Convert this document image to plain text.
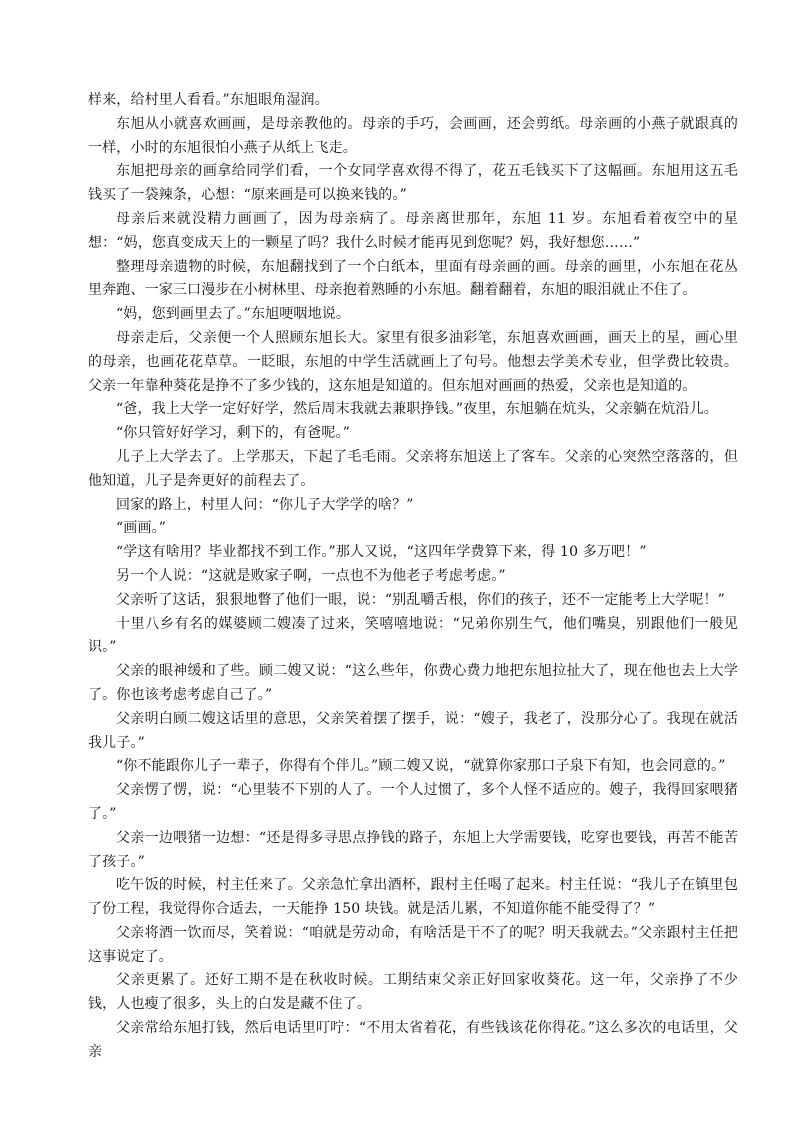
样来，给村里人看看。”东旭眼角湿润。

东旭从小就喜欢画画，是母亲教他的。母亲的手巧，会画画，还会剪纸。母亲画的小燕子就跟真的一样，小时的东旭很怕小燕子从纸上飞走。

东旭把母亲的画拿给同学们看，一个女同学喜欢得不得了，花五毛钱买下了这幅画。东旭用这五毛钱买了一袋辣条，心想：“原来画是可以换来钱的。”

母亲后来就没精力画画了，因为母亲病了。母亲离世那年，东旭 11 岁。东旭看着夜空中的星想：“妈，您真变成天上的一颗星了吗？我什么时候才能再见到您呢？妈，我好想您……”

整理母亲遗物的时候，东旭翻找到了一个白纸本，里面有母亲画的画。母亲的画里，小东旭在花丛里奔跑、一家三口漫步在小树林里、母亲抱着熟睡的小东旭。翻着翻着，东旭的眼泪就止不住了。

“妈，您到画里去了。”东旭哽咽地说。

母亲走后，父亲便一个人照顾东旭长大。家里有很多油彩笔，东旭喜欢画画，画天上的星，画心里的母亲，也画花花草草。一眨眼，东旭的中学生活就画上了句号。他想去学美术专业，但学费比较贵。父亲一年靠种葵花是挣不了多少钱的，这东旭是知道的。但东旭对画画的热爱，父亲也是知道的。

“爸，我上大学一定好好学，然后周末我就去兼职挣钱。”夜里，东旭躺在炕头，父亲躺在炕沿儿。

“你只管好好学习，剩下的，有爸呢。”

儿子上大学去了。上学那天，下起了毛毛雨。父亲将东旭送上了客车。父亲的心突然空落落的，但他知道，儿子是奔更好的前程去了。

回家的路上，村里人问：“你儿子大学学的啥？”

“画画。”

“学这有啥用？毕业都找不到工作。”那人又说，“这四年学费算下来，得 10 多万吧！”

另一个人说：“这就是败家子啊，一点也不为他老子考虑考虑。”

父亲听了这话，狠狠地瞥了他们一眼，说：“别乱嚼舌根，你们的孩子，还不一定能考上大学呢！”

十里八乡有名的媒婆顾二嫂凑了过来，笑嘻嘻地说：“兄弟你别生气，他们嘴臭，别跟他们一般见识。”

父亲的眼神缓和了些。顾二嫂又说：“这么些年，你费心费力地把东旭拉扯大了，现在他也去上大学了。你也该考虑考虑自己了。”

父亲明白顾二嫂这话里的意思，父亲笑着摆了摆手，说：“嫂子，我老了，没那分心了。我现在就活我儿子。”

“你不能跟你儿子一辈子，你得有个伴儿。”顾二嫂又说，“就算你家那口子泉下有知，也会同意的。”

父亲愣了愣，说：“心里装不下别的人了。一个人过惯了，多个人怪不适应的。嫂子，我得回家喂猪了。”

父亲一边喂猪一边想：“还是得多寻思点挣钱的路子，东旭上大学需要钱，吃穿也要钱，再苦不能苦了孩子。”

吃午饭的时候，村主任来了。父亲急忙拿出酒杯，跟村主任喝了起来。村主任说：“我儿子在镇里包了份工程，我觉得你合适去，一天能挣 150 块钱。就是活儿累，不知道你能不能受得了？”

父亲将酒一饮而尽，笑着说：“咱就是劳动命，有啥活是干不了的呢？明天我就去。”父亲跟村主任把这事说定了。

父亲更累了。还好工期不是在秋收时候。工期结束父亲正好回家收葵花。这一年，父亲挣了不少钱，人也瘦了很多，头上的白发是藏不住了。

父亲常给东旭打钱，然后电话里叮咛：“不用太省着花，有些钱该花你得花。”这么多次的电话里，父亲
